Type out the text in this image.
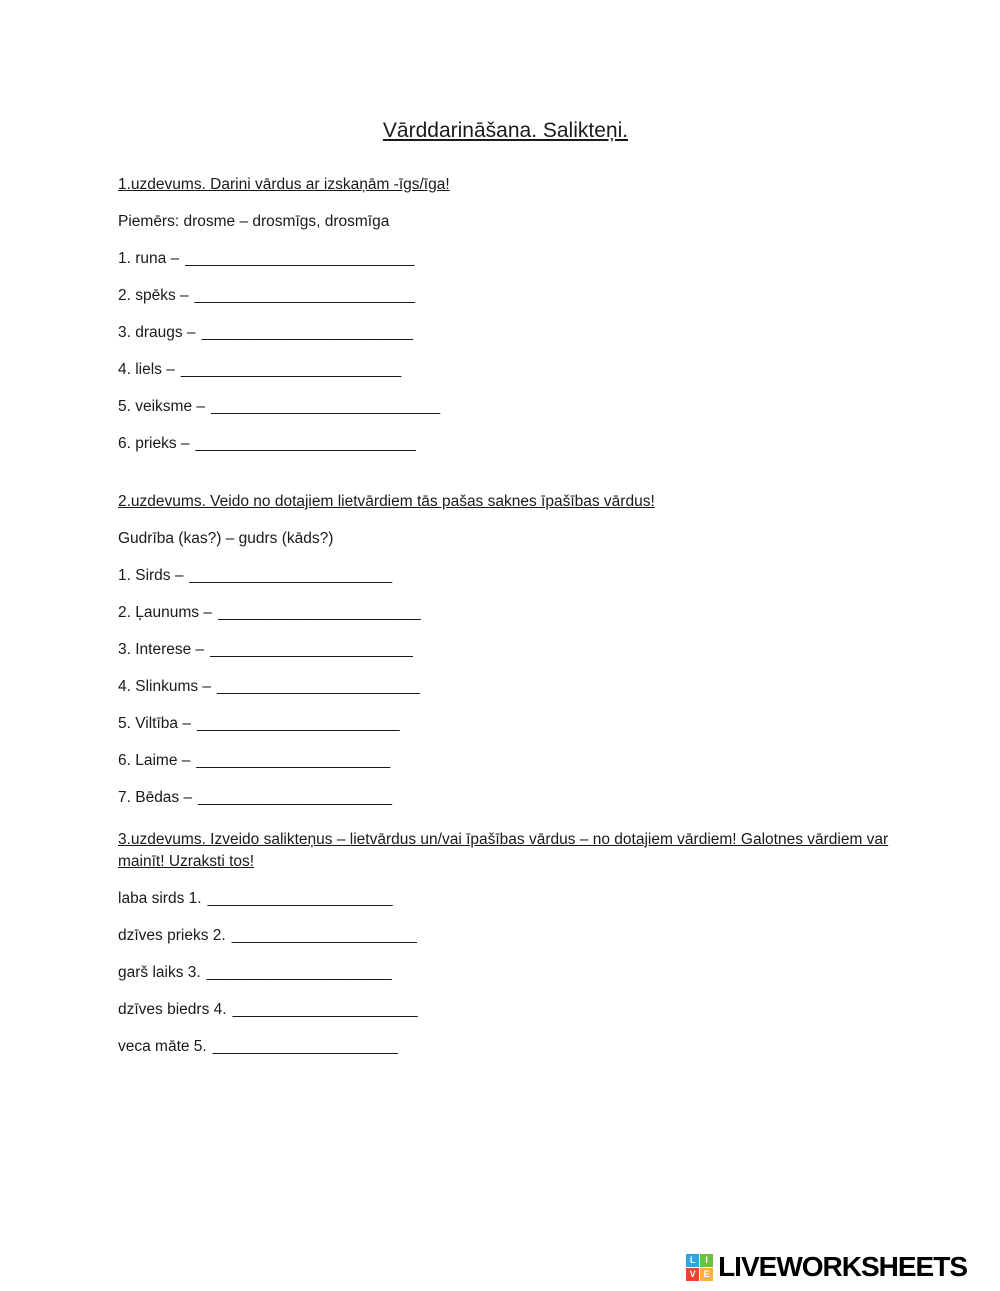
Vārddarināšana. Salikteņi.

1.uzdevums. Darini vārdus ar izskaņām -īgs/īga!

Piemērs: drosme – drosmīgs, drosmīga

1. runa – __________________________

2. spēks – _________________________

3. draugs – ________________________

4. liels – _________________________

5. veiksme – __________________________

6. prieks – _________________________

2.uzdevums. Veido no dotajiem lietvārdiem tās pašas saknes īpašības vārdus!

Gudrība (kas?) – gudrs (kāds?)

1. Sirds – _______________________

2. Ļaunums – _______________________

3. Interese – _______________________

4. Slinkums – _______________________

5. Viltība – _______________________

6. Laime – ______________________

7. Bēdas – ______________________

3.uzdevums. Izveido salikteņus – lietvārdus un/vai īpašības vārdus – no dotajiem vārdiem! Galotnes vārdiem var mainīt! Uzraksti tos!

laba sirds 1. _____________________

dzīves prieks 2. _____________________

garš laiks 3. _____________________

dzīves biedrs 4. _____________________

veca māte 5. _____________________

L	I
V E LIVEWORKSHEETS
